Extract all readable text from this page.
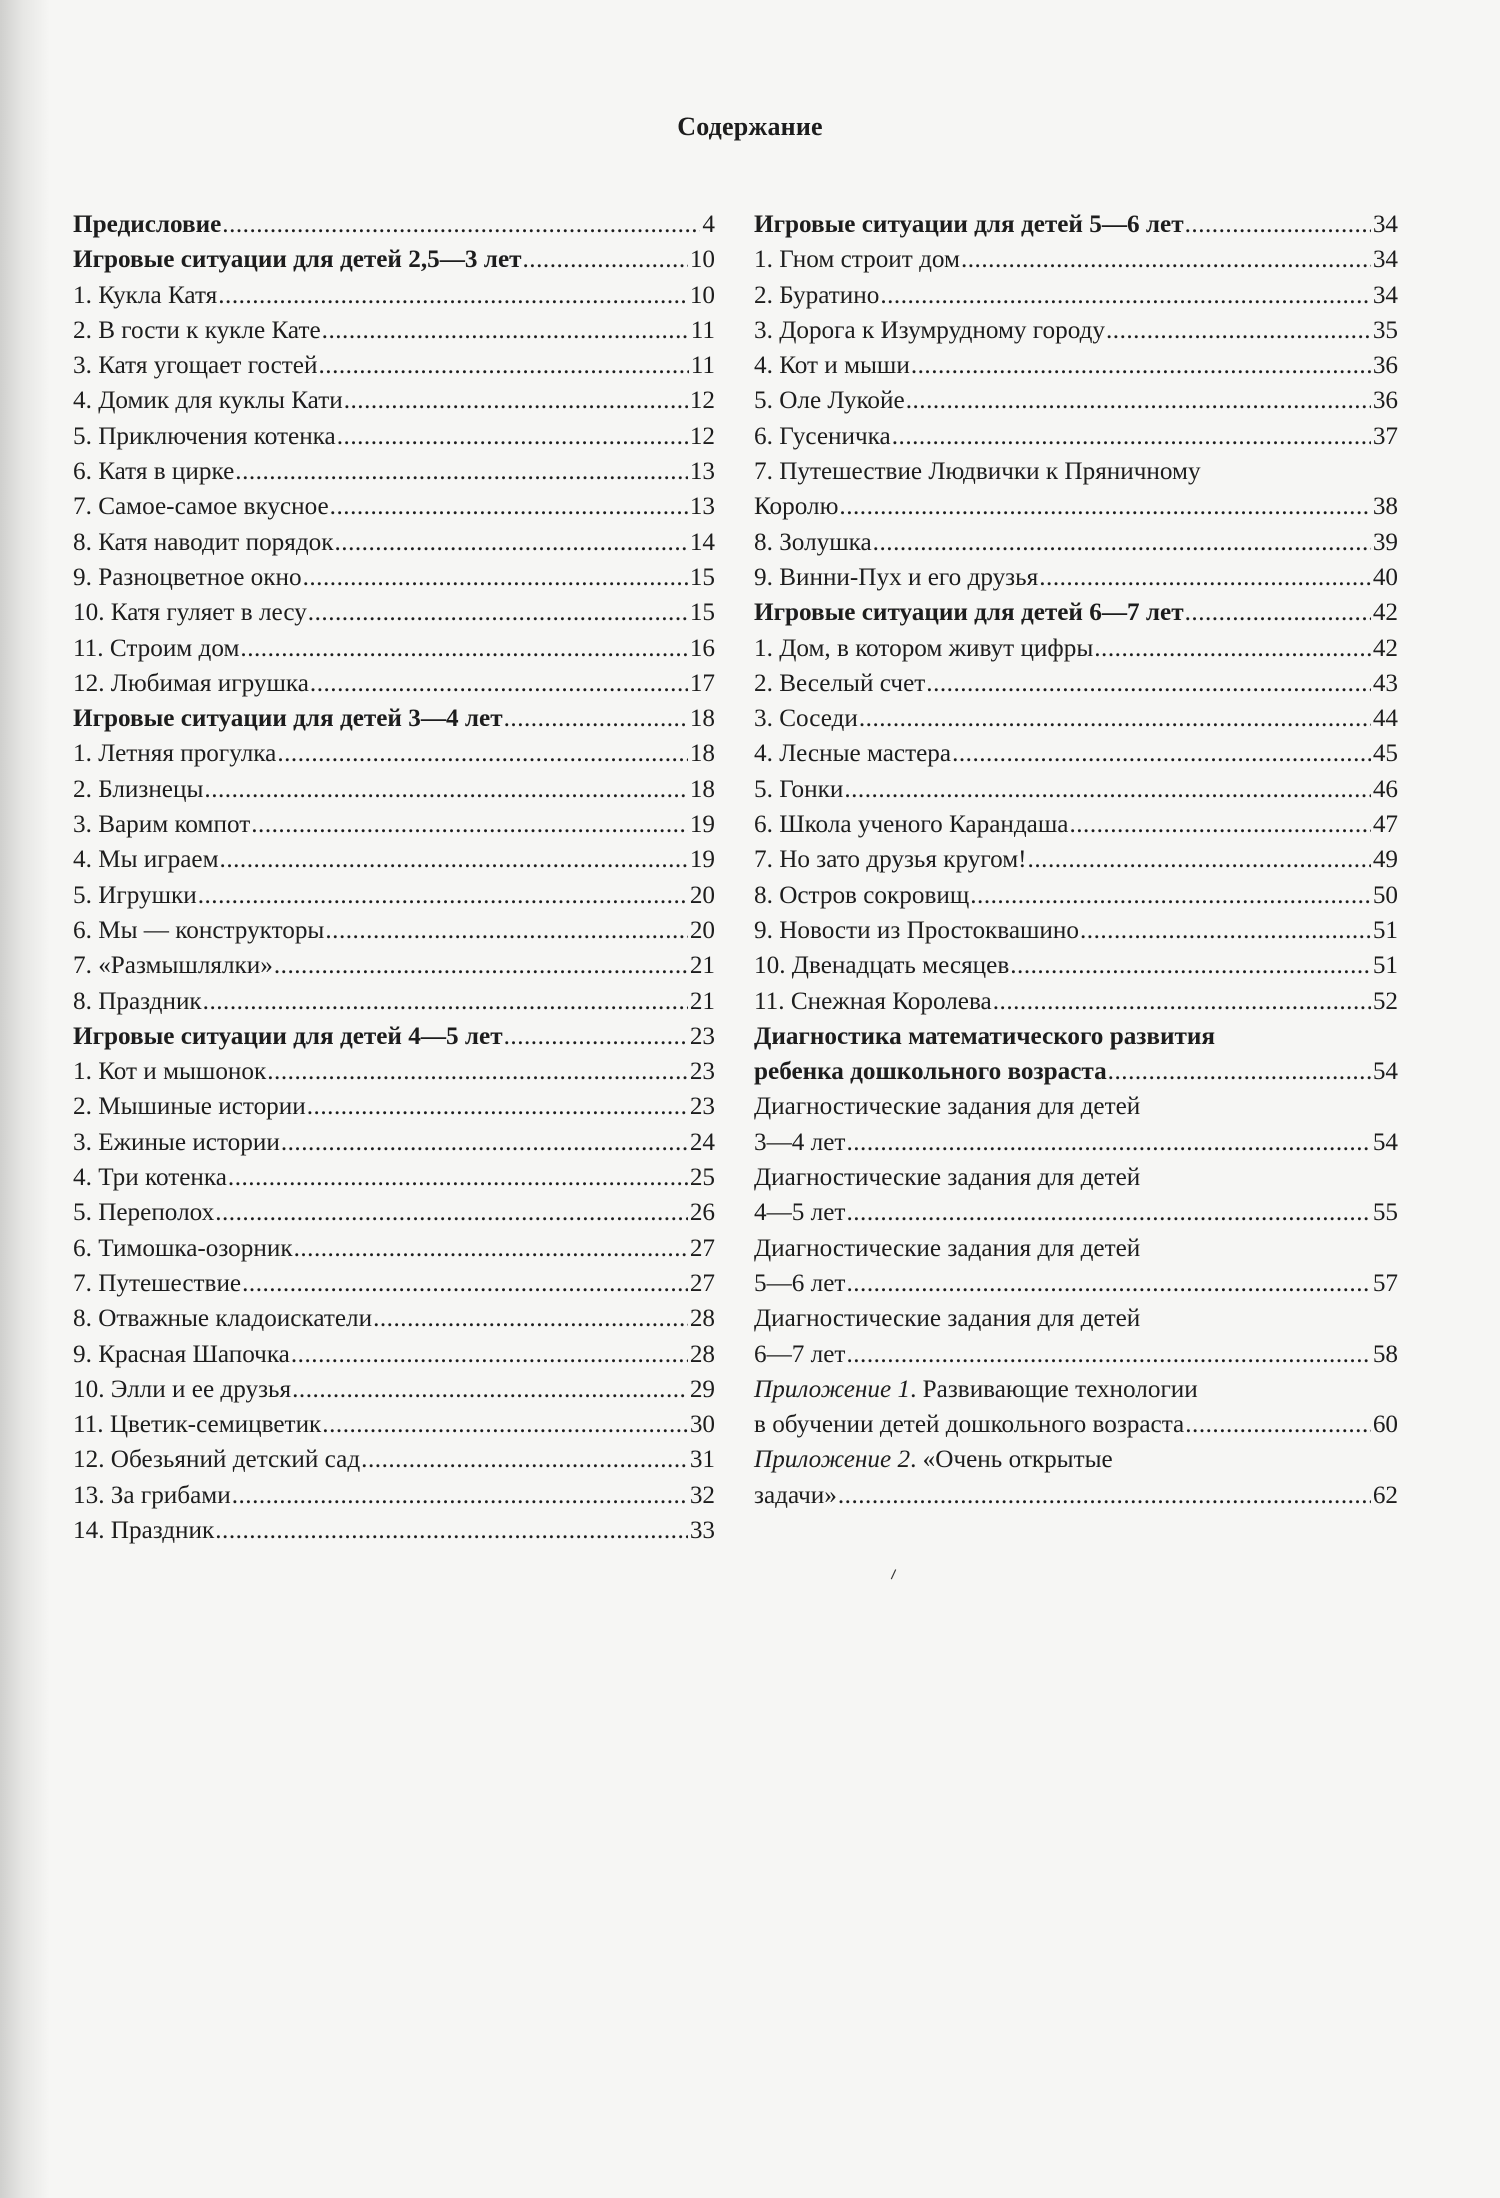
Содержание
Предисловие .....	4
Игровые ситуации для детей 2,5—3 лет .....	10
1. Кукла Катя .....	10
2. В гости к кукле Кате .....	11
3. Катя угощает гостей .....	11
4. Домик для куклы Кати .....	12
5. Приключения котенка .....	12
6. Катя в цирке .....	13
7. Самое-самое вкусное .....	13
8. Катя наводит порядок .....	14
9. Разноцветное окно .....	15
10. Катя гуляет в лесу .....	15
11. Строим дом .....	16
12. Любимая игрушка .....	17
Игровые ситуации для детей 3—4 лет .....	18
1. Летняя прогулка .....	18
2. Близнецы .....	18
3. Варим компот .....	19
4. Мы играем .....	19
5. Игрушки .....	20
6. Мы — конструкторы .....	20
7. «Размышлялки» .....	21
8. Праздник .....	21
Игровые ситуации для детей 4—5 лет .....	23
1. Кот и мышонок .....	23
2. Мышиные истории .....	23
3. Ежиные истории .....	24
4. Три котенка .....	25
5. Переполох .....	26
6. Тимошка-озорник .....	27
7. Путешествие .....	27
8. Отважные кладоискатели .....	28
9. Красная Шапочка .....	28
10. Элли и ее друзья .....	29
11. Цветик-семицветик .....	30
12. Обезьяний детский сад .....	31
13. За грибами .....	32
14. Праздник .....	33
Игровые ситуации для детей 5—6 лет .....	34
1. Гном строит дом .....	34
2. Буратино .....	34
3. Дорога к Изумрудному городу .....	35
4. Кот и мыши .....	36
5. Оле Лукойе .....	36
6. Гусеничка .....	37
7. Путешествие Людвички к Пряничному
Королю .....	38
8. Золушка .....	39
9. Винни-Пух и его друзья .....	40
Игровые ситуации для детей 6—7 лет .....	42
1. Дом, в котором живут цифры .....	42
2. Веселый счет .....	43
3. Соседи .....	44
4. Лесные мастера .....	45
5. Гонки .....	46
6. Школа ученого Карандаша .....	47
7. Но зато друзья кругом! .....	49
8. Остров сокровищ .....	50
9. Новости из Простоквашино .....	51
10. Двенадцать месяцев .....	51
11. Снежная Королева .....	52
Диагностика математического развития
ребенка дошкольного возраста .....	54
Диагностические задания для детей
3—4 лет .....	54
Диагностические задания для детей
4—5 лет .....	55
Диагностические задания для детей
5—6 лет .....	57
Диагностические задания для детей
6—7 лет .....	58
Приложение 1. Развивающие технологии
в обучении детей дошкольного возраста .....	60
Приложение 2. «Очень открытые
задачи» .....	62
⸝
